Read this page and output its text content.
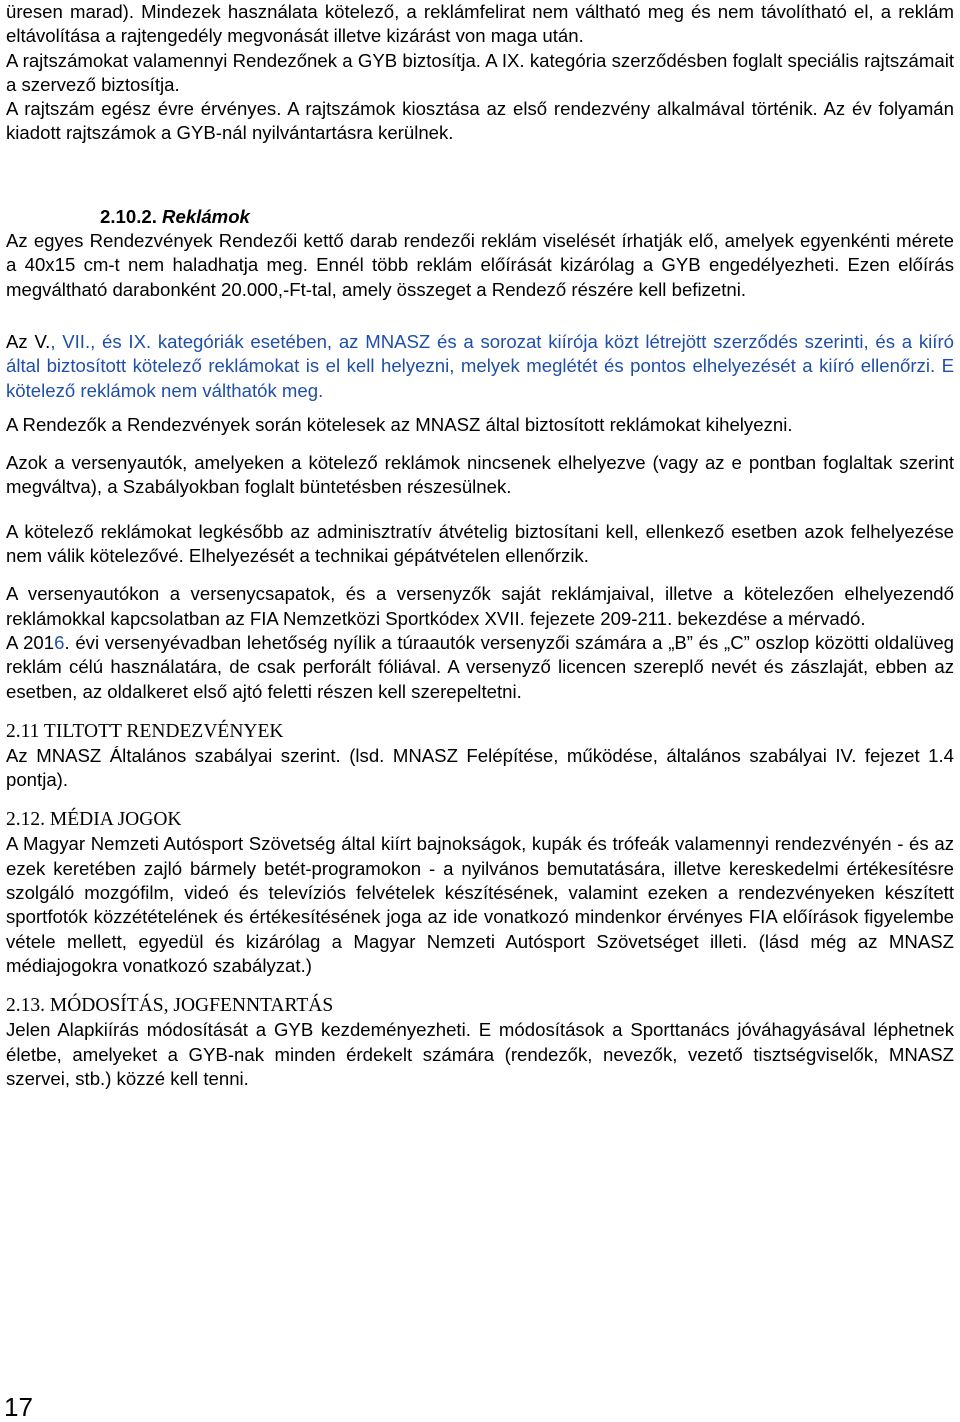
üresen marad). Mindezek használata kötelező, a reklámfelirat nem váltható meg és nem távolítható el, a reklám eltávolítása a rajtengedély megvonását illetve kizárást von maga után.

A rajtszámokat valamennyi Rendezőnek a GYB biztosítja. A IX. kategória szerződésben foglalt speciális rajtszámait a szervező biztosítja.

A rajtszám egész évre érvényes. A rajtszámok kiosztása az első rendezvény alkalmával történik. Az év folyamán kiadott rajtszámok a GYB-nál nyilvántartásra kerülnek.

2.10.2. Reklámok

Az egyes Rendezvények Rendezői kettő darab rendezői reklám viselését írhatják elő, amelyek egyenkénti mérete a 40x15 cm-t nem haladhatja meg. Ennél több reklám előírását kizárólag a GYB engedélyezheti. Ezen előírás megváltható darabonként 20.000,-Ft-tal, amely összeget a Rendező részére kell befizetni.

Az V., VII., és IX. kategóriák esetében, az MNASZ és a sorozat kiírója közt létrejött szerződés szerinti, és a kiíró által biztosított kötelező reklámokat is el kell helyezni, melyek meglétét és pontos elhelyezését a kiíró ellenőrzi. E kötelező reklámok nem válthatók meg.

A Rendezők a Rendezvények során kötelesek az MNASZ által biztosított reklámokat kihelyezni.

Azok a versenyautók, amelyeken a kötelező reklámok nincsenek elhelyezve (vagy az e pontban foglaltak szerint megváltva), a Szabályokban foglalt büntetésben részesülnek.

A kötelező reklámokat legkésőbb az adminisztratív átvételig biztosítani kell, ellenkező esetben azok felhelyezése nem válik kötelezővé. Elhelyezését a technikai gépátvételen ellenőrzik.

A versenyautókon a versenycsapatok, és a versenyzők saját reklámjaival, illetve a kötelezően elhelyezendő reklámokkal kapcsolatban az FIA Nemzetközi Sportkódex XVII. fejezete 209-211. bekezdése a mérvadó.

A 2016. évi versenyévadban lehetőség nyílik a túraautók versenyzői számára a „B” és „C” oszlop közötti oldalüveg reklám célú használatára, de csak perforált fóliával. A versenyző licencen szereplő nevét és zászlaját, ebben az esetben, az oldalkeret első ajtó feletti részen kell szerepeltetni.

2.11 TILTOTT RENDEZVÉNYEK

Az MNASZ Általános szabályai szerint. (lsd. MNASZ Felépítése, működése, általános szabályai IV. fejezet 1.4 pontja).

2.12. MÉDIA JOGOK

A Magyar Nemzeti Autósport Szövetség által kiírt bajnokságok, kupák és trófeák valamennyi rendezvényén - és az ezek keretében zajló bármely betét-programokon - a nyilvános bemutatására, illetve kereskedelmi értékesítésre szolgáló mozgófilm, videó és televíziós felvételek készítésének, valamint ezeken a rendezvényeken készített sportfotók közzétételének és értékesítésének joga az ide vonatkozó mindenkor érvényes FIA előírások figyelembe vétele mellett, egyedül és kizárólag a Magyar Nemzeti Autósport Szövetséget illeti. (lásd még az MNASZ médiajogokra vonatkozó szabályzat.)

2.13. MÓDOSÍTÁS, JOGFENNTARTÁS

Jelen Alapkiírás módosítását a GYB kezdeményezheti. E módosítások a Sporttanács jóváhagyásával léphetnek életbe, amelyeket a GYB-nak minden érdekelt számára (rendezők, nevezők, vezető tisztségviselők, MNASZ szervei, stb.) közzé kell tenni.

17
